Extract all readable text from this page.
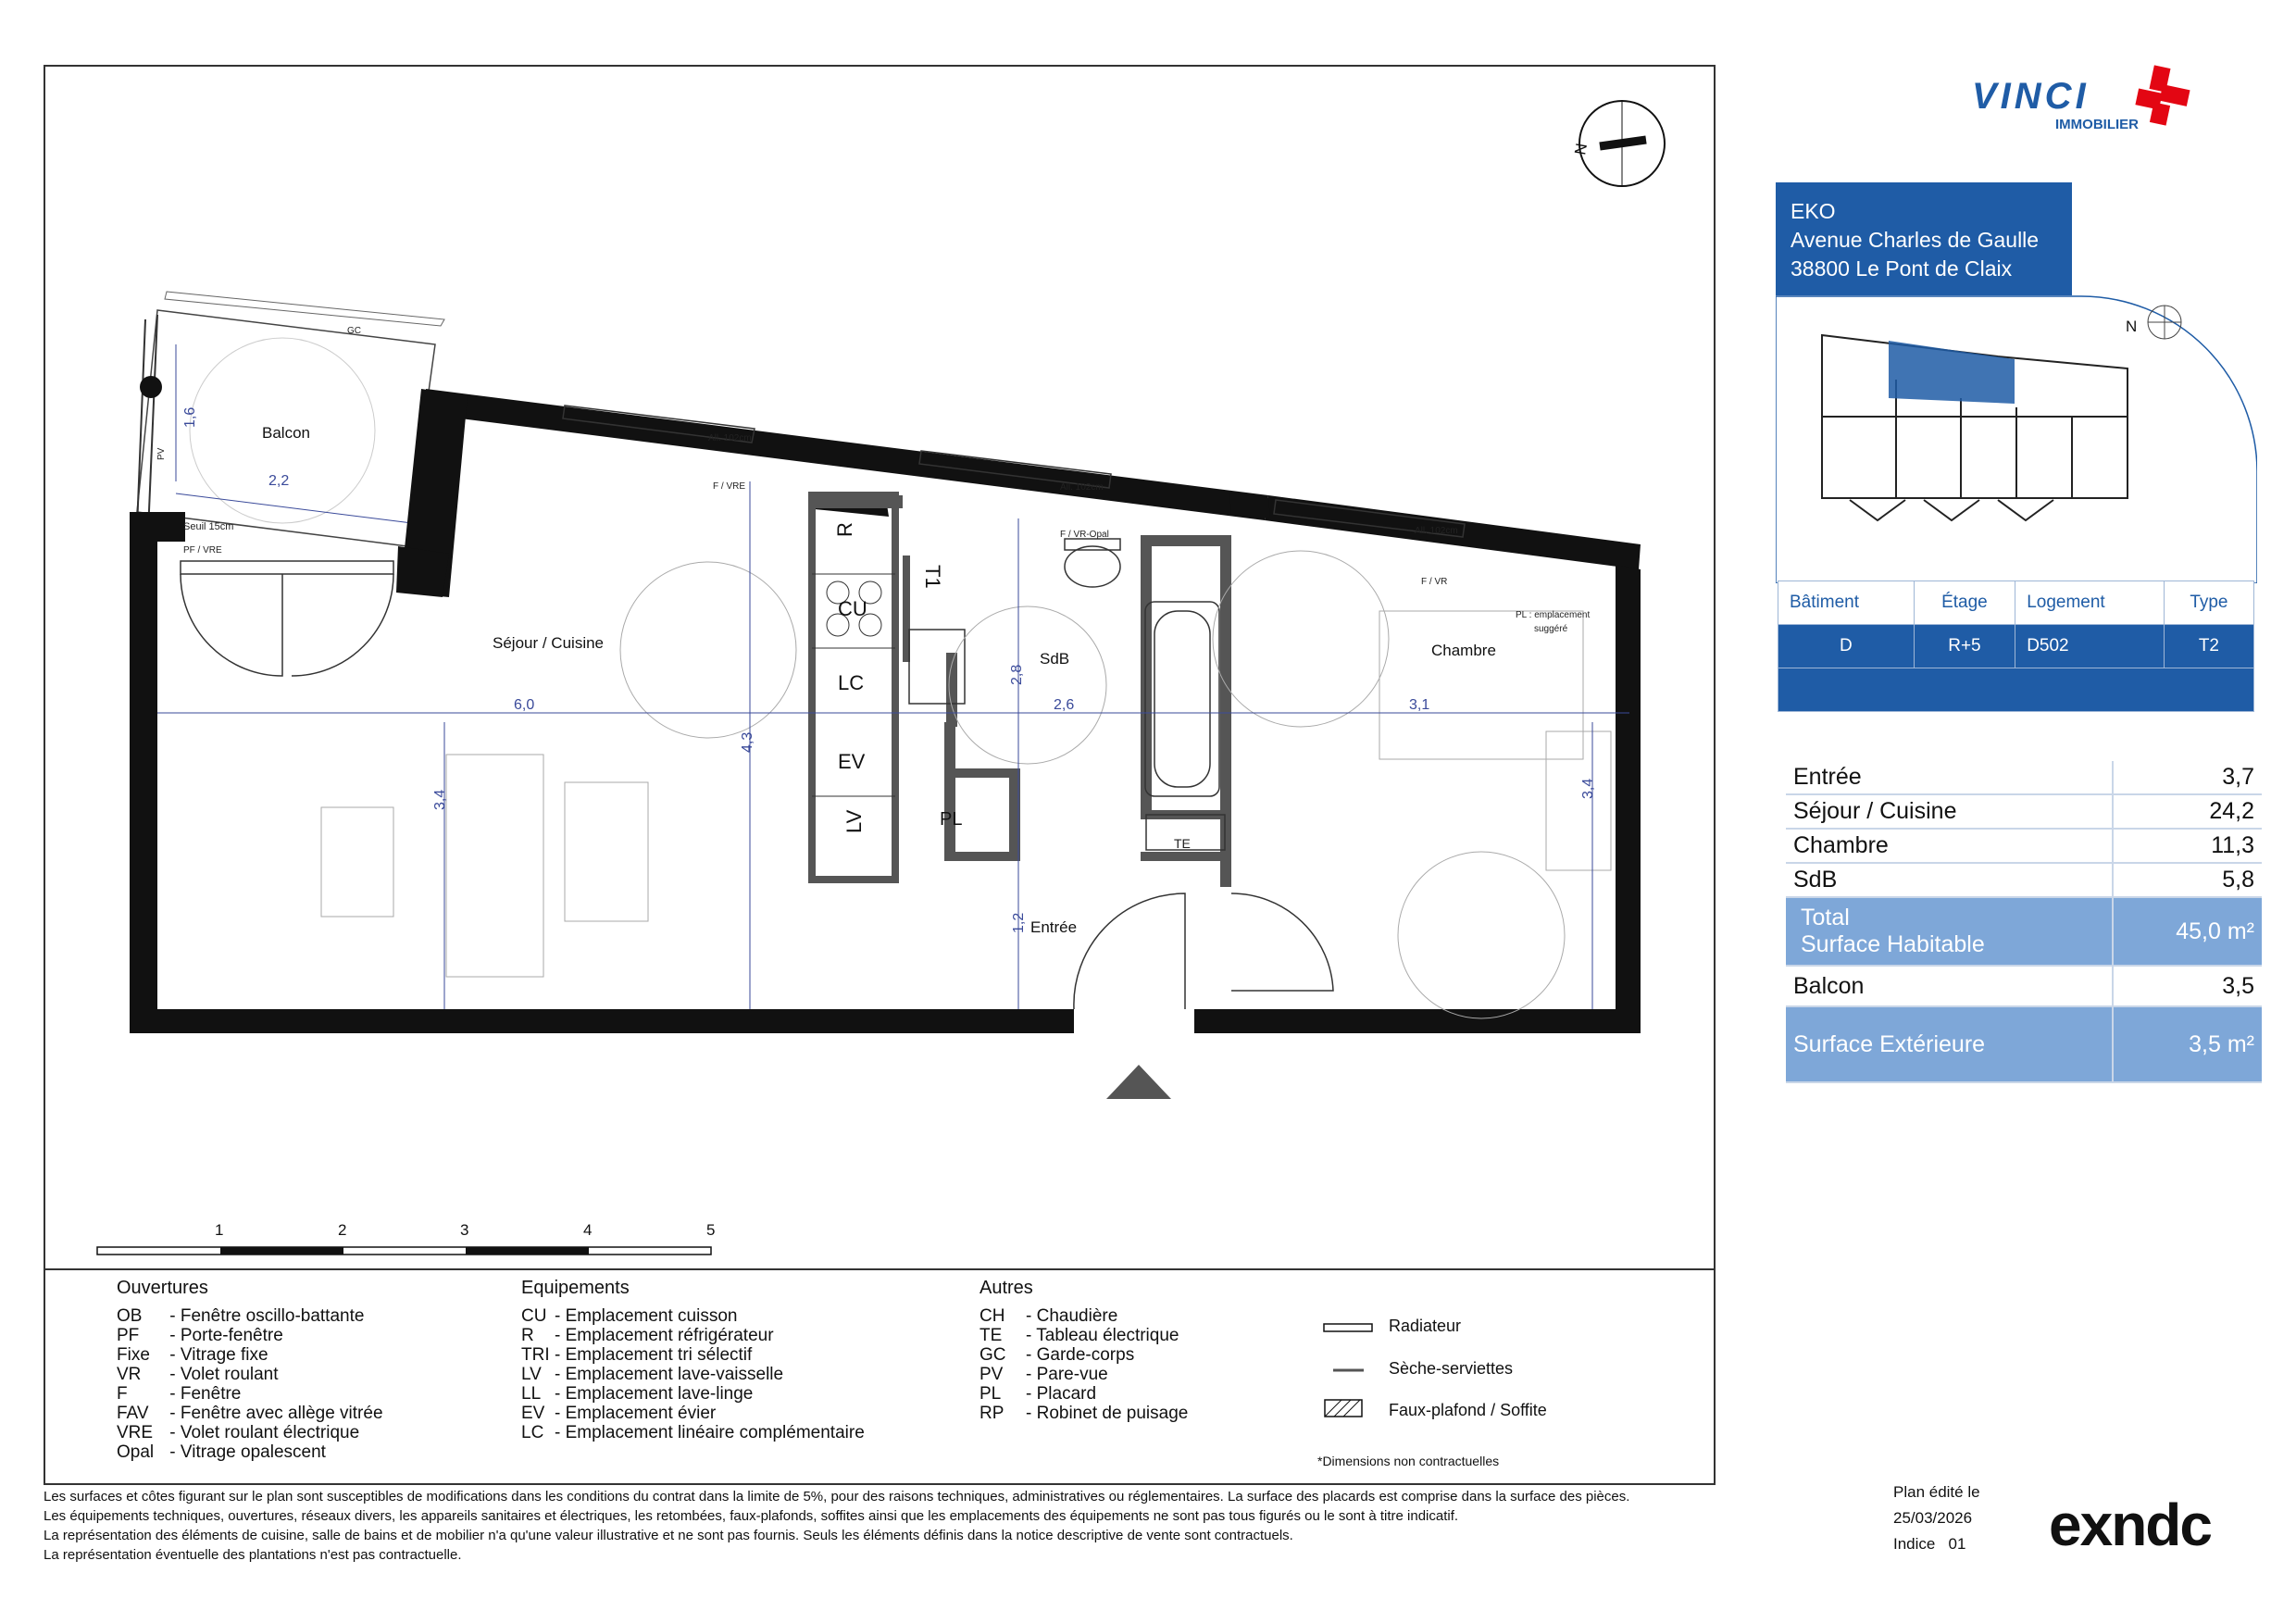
N
R
CU
LC
EV
LV
T1
TE
Balcon
Séjour / Cuisine
SdB	Chambre
Entrée
PL
1,6
2,2
6,0
3,4
4,3
2,8
2,6	3,1
3,4
1,2
GC
Seuil 15cm
PF / VRE
All. 102cm
All. 102cm
All. 102cm
F / VRE
F / VR-Opal
F / VR
PV
PL : emplacement
suggéré
1	2	3	4	5
Ouvertures
OB - Fenêtre oscillo-battante
PF - Porte-fenêtre
Fixe - Vitrage fixe
VR - Volet roulant
F - Fenêtre
FAV - Fenêtre avec allège vitrée
VRE - Volet roulant électrique
Opal - Vitrage opalescent
Equipements
CU - Emplacement cuisson
R - Emplacement réfrigérateur
TRI - Emplacement tri sélectif
LV - Emplacement lave-vaisselle
LL - Emplacement lave-linge
EV - Emplacement évier
LC - Emplacement linéaire complémentaire
Autres
CH - Chaudière
TE - Tableau électrique
GC - Garde-corps
PV - Pare-vue
PL - Placard
RP - Robinet de puisage
Radiateur
Sèche-serviettes
Faux-plafond / Soffite
*Dimensions non contractuelles
VINCI
IMMOBILIER
EKO
Avenue Charles de Gaulle
38800 Le Pont de Claix
N
Bâtiment	Étage	Logement	Type
D	R+5	D502	T2

Entrée	3,7
Séjour / Cuisine	24,2
Chambre	11,3
SdB	5,8

Total
Surface Habitable	45,0 m²
Balcon	3,5
Surface Extérieure	3,5 m²
Les surfaces et côtes figurant sur le plan sont susceptibles de modifications dans les conditions du contrat dans la limite de 5%, pour des raisons techniques, administratives ou réglementaires. La surface des placards est comprise dans la surface des pièces.
Les équipements techniques, ouvertures, réseaux divers, les appareils sanitaires et électriques, les retombées, faux-plafonds, soffites ainsi que les emplacements des équipements ne sont pas tous figurés ou le sont à titre indicatif.
La représentation des éléments de cuisine, salle de bains et de mobilier n'a qu'une valeur illustrative et ne sont pas fournis. Seuls les éléments définis dans la notice descriptive de vente sont contractuels.
La représentation éventuelle des plantations n'est pas contractuelle.
Plan édité le
25/03/2026
Indice 01 exndc
